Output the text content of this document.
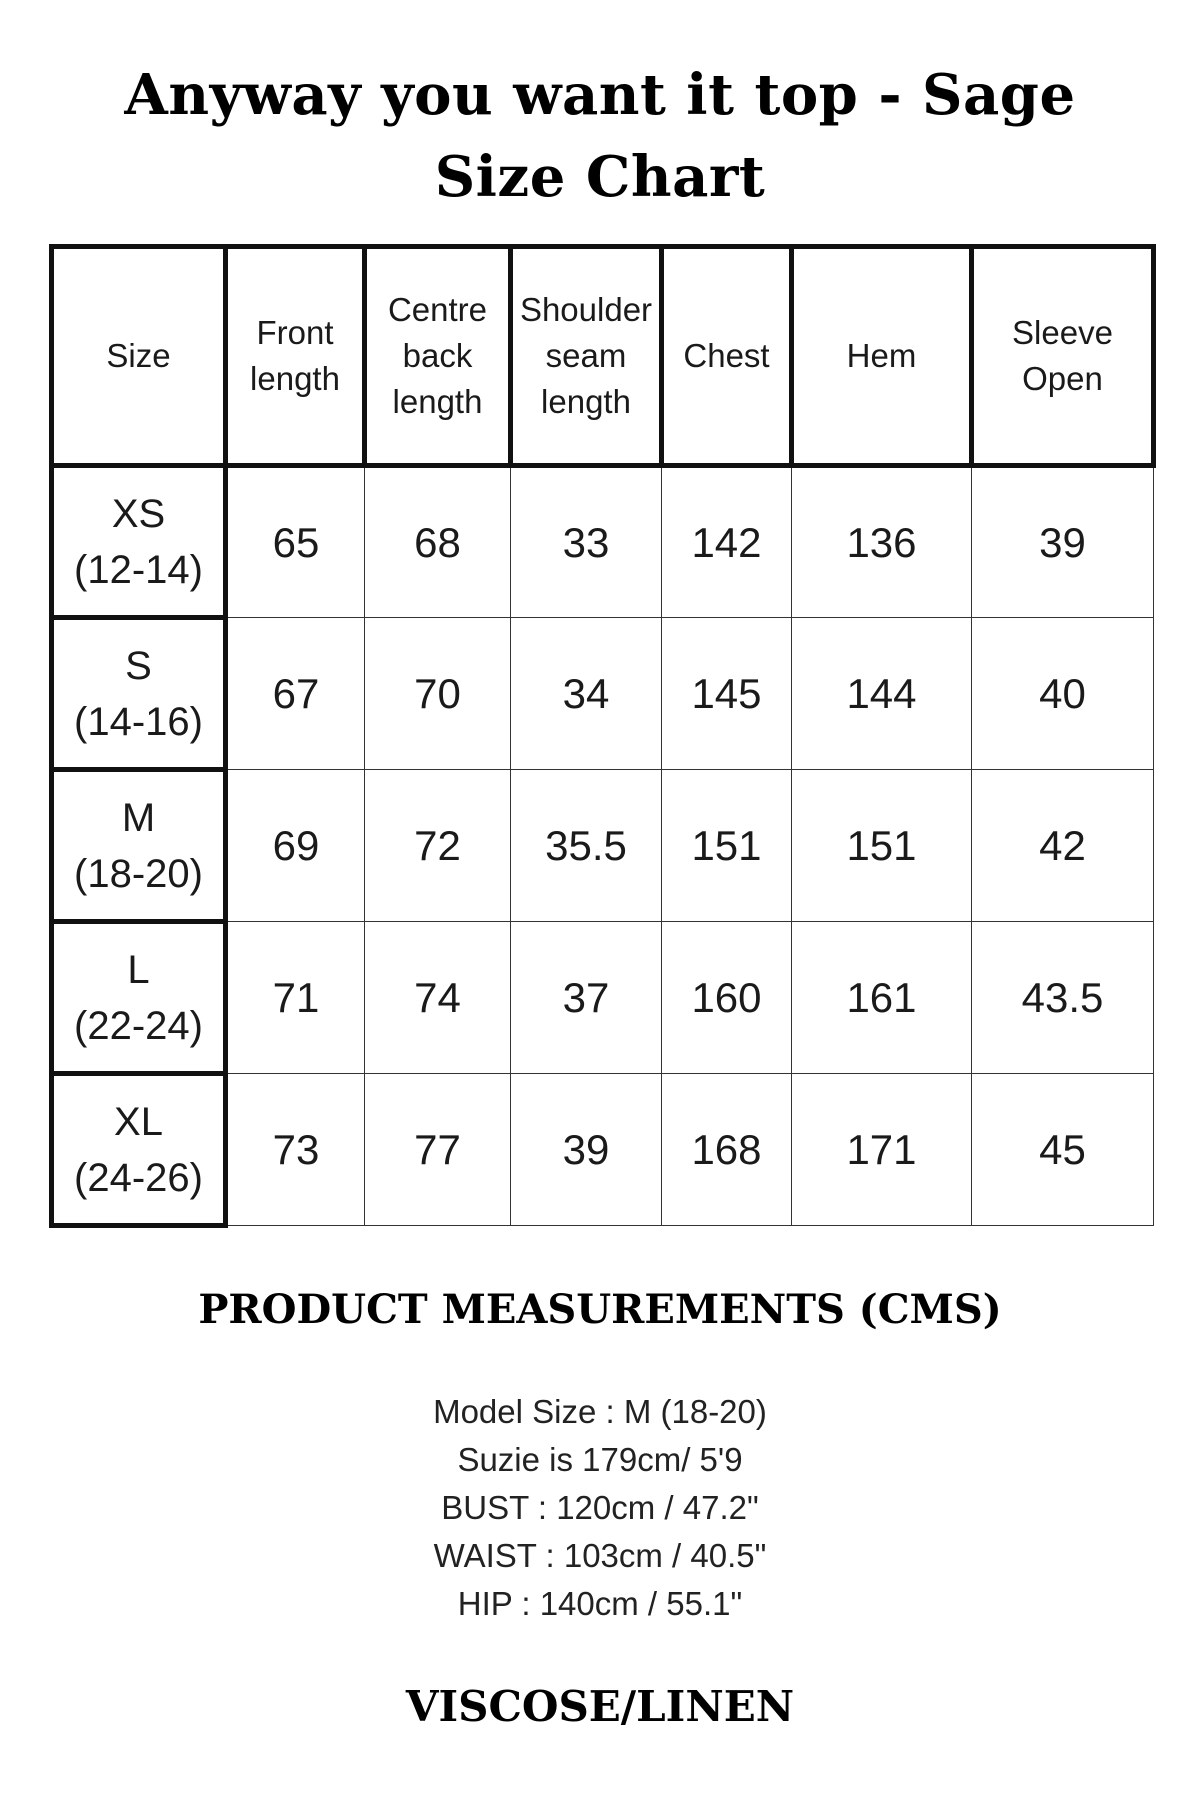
Anyway you want it top - Sage
Size Chart
Size	Front length	Centre back length	Shoulder seam length	Chest	Hem	Sleeve Open

XS
(12-14)	65	68	33	142	136	39

S
(14-16)	67	70	34	145	144	40

M
(18-20)	69	72	35.5	151	151	42

L
(22-24)	71	74	37	160	161	43.5

XL
(24-26)	73	77	39	168	171	45
PRODUCT MEASUREMENTS (CMS)
Model Size : M (18-20)
Suzie is 179cm/ 5'9
BUST : 120cm / 47.2"
WAIST : 103cm / 40.5"
HIP : 140cm / 55.1"
VISCOSE/LINEN
